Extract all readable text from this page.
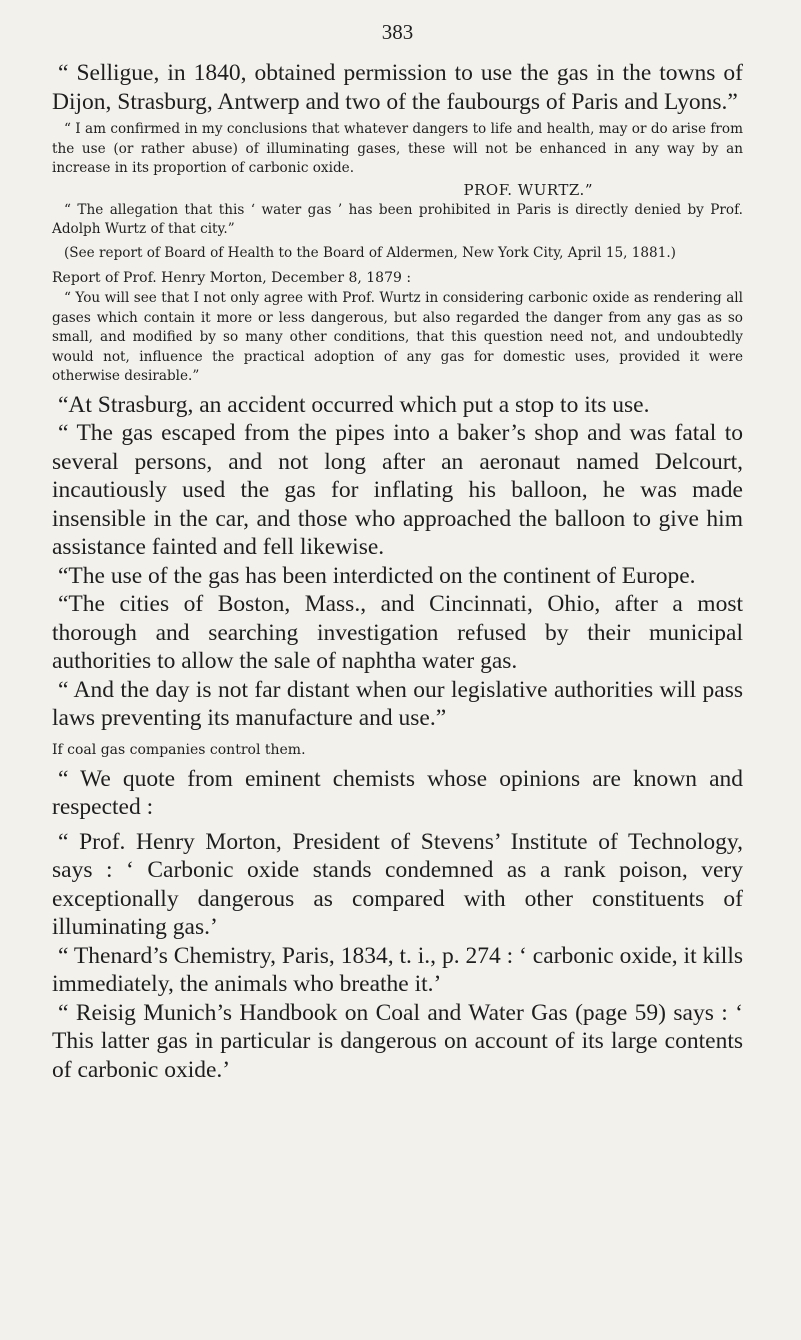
383

“ Selligue, in 1840, obtained permission to use the gas in the towns of Dijon, Strasburg, Antwerp and two of the faubourgs of Paris and Lyons.”

“ I am confirmed in my conclusions that whatever dangers to life and health, may or do arise from the use (or rather abuse) of illuminating gases, these will not be enhanced in any way by an increase in its proportion of carbonic oxide.

PROF. WURTZ.”

“ The allegation that this ‘ water gas ’ has been prohibited in Paris is directly denied by Prof. Adolph Wurtz of that city.”

(See report of Board of Health to the Board of Aldermen, New York City, April 15, 1881.)

Report of Prof. Henry Morton, December 8, 1879 :

“ You will see that I not only agree with Prof. Wurtz in considering carbonic oxide as rendering all gases which contain it more or less dangerous, but also regarded the danger from any gas as so small, and modified by so many other conditions, that this question need not, and undoubtedly would not, influence the practical adoption of any gas for domestic uses, provided it were otherwise desirable.”

“At Strasburg, an accident occurred which put a stop to its use.

“ The gas escaped from the pipes into a baker’s shop and was fatal to several persons, and not long after an aeronaut named Delcourt, incautiously used the gas for inflating his balloon, he was made insensible in the car, and those who approached the balloon to give him assistance fainted and fell likewise.

“The use of the gas has been interdicted on the continent of Europe.

“The cities of Boston, Mass., and Cincinnati, Ohio, after a most thorough and searching investigation refused by their municipal authorities to allow the sale of naphtha water gas.

“ And the day is not far distant when our legislative authorities will pass laws preventing its manufacture and use.”

If coal gas companies control them.

“ We quote from eminent chemists whose opinions are known and respected :

“ Prof. Henry Morton, President of Stevens’ Institute of Technology, says : ‘ Carbonic oxide stands condemned as a rank poison, very exceptionally dangerous as compared with other constituents of illuminating gas.’

“ Thenard’s Chemistry, Paris, 1834, t. i., p. 274 : ‘ carbonic oxide, it kills immediately, the animals who breathe it.’

“ Reisig Munich’s Handbook on Coal and Water Gas (page 59) says : ‘ This latter gas in particular is dangerous on account of its large contents of carbonic oxide.’
